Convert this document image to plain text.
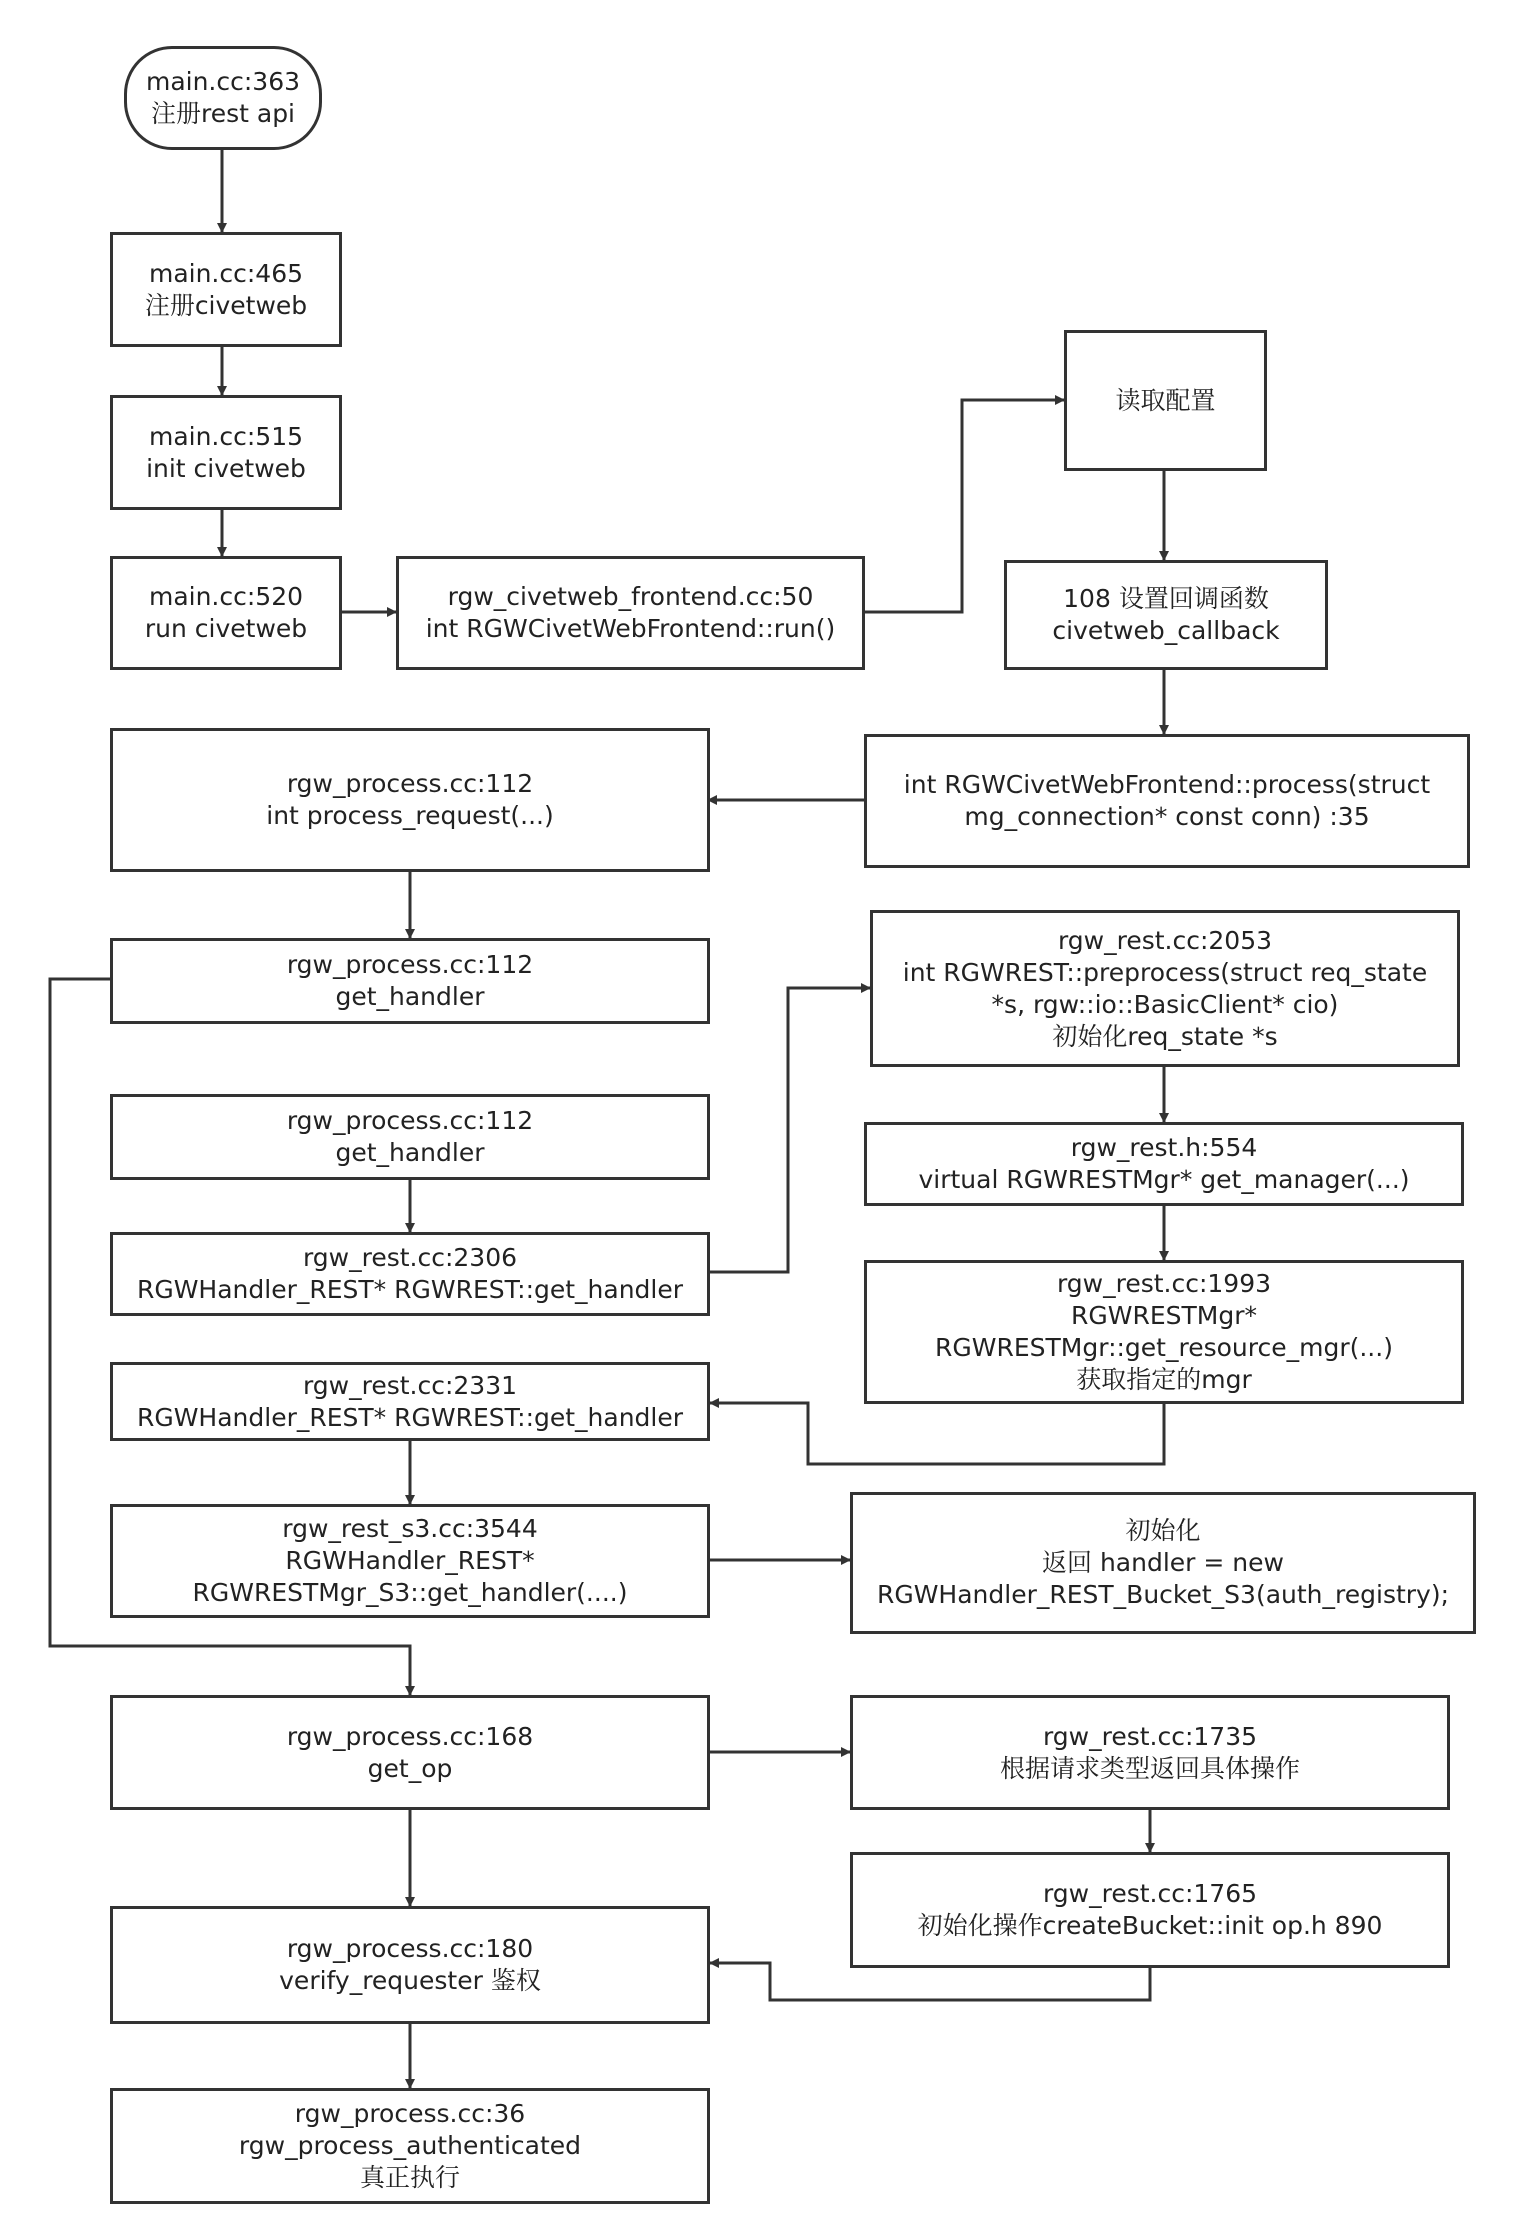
main.cc:363
注册rest api
main.cc:465
注册civetweb
main.cc:515
init civetweb
main.cc:520
run civetweb
rgw_civetweb_frontend.cc:50
int RGWCivetWebFrontend::run()
读取配置
108 设置回调函数
civetweb_callback
int RGWCivetWebFrontend::process(struct
mg_connection* const conn) :35
rgw_process.cc:112
int process_request(...)
rgw_process.cc:112
get_handler
rgw_process.cc:112
get_handler
rgw_rest.cc:2306
RGWHandler_REST* RGWREST::get_handler
rgw_rest.cc:2053
int RGWREST::preprocess(struct req_state
*s, rgw::io::BasicClient* cio)
初始化req_state *s
rgw_rest.h:554
virtual RGWRESTMgr* get_manager(...)
rgw_rest.cc:1993
RGWRESTMgr*
RGWRESTMgr::get_resource_mgr(...)
获取指定的mgr
rgw_rest.cc:2331
RGWHandler_REST* RGWREST::get_handler
rgw_rest_s3.cc:3544
RGWHandler_REST*
RGWRESTMgr_S3::get_handler(....)
初始化
返回 handler = new
RGWHandler_REST_Bucket_S3(auth_registry);
rgw_process.cc:168
get_op
rgw_rest.cc:1735
根据请求类型返回具体操作
rgw_rest.cc:1765
初始化操作createBucket::init op.h 890
rgw_process.cc:180
verify_requester 鉴权
rgw_process.cc:36
rgw_process_authenticated
真正执行
